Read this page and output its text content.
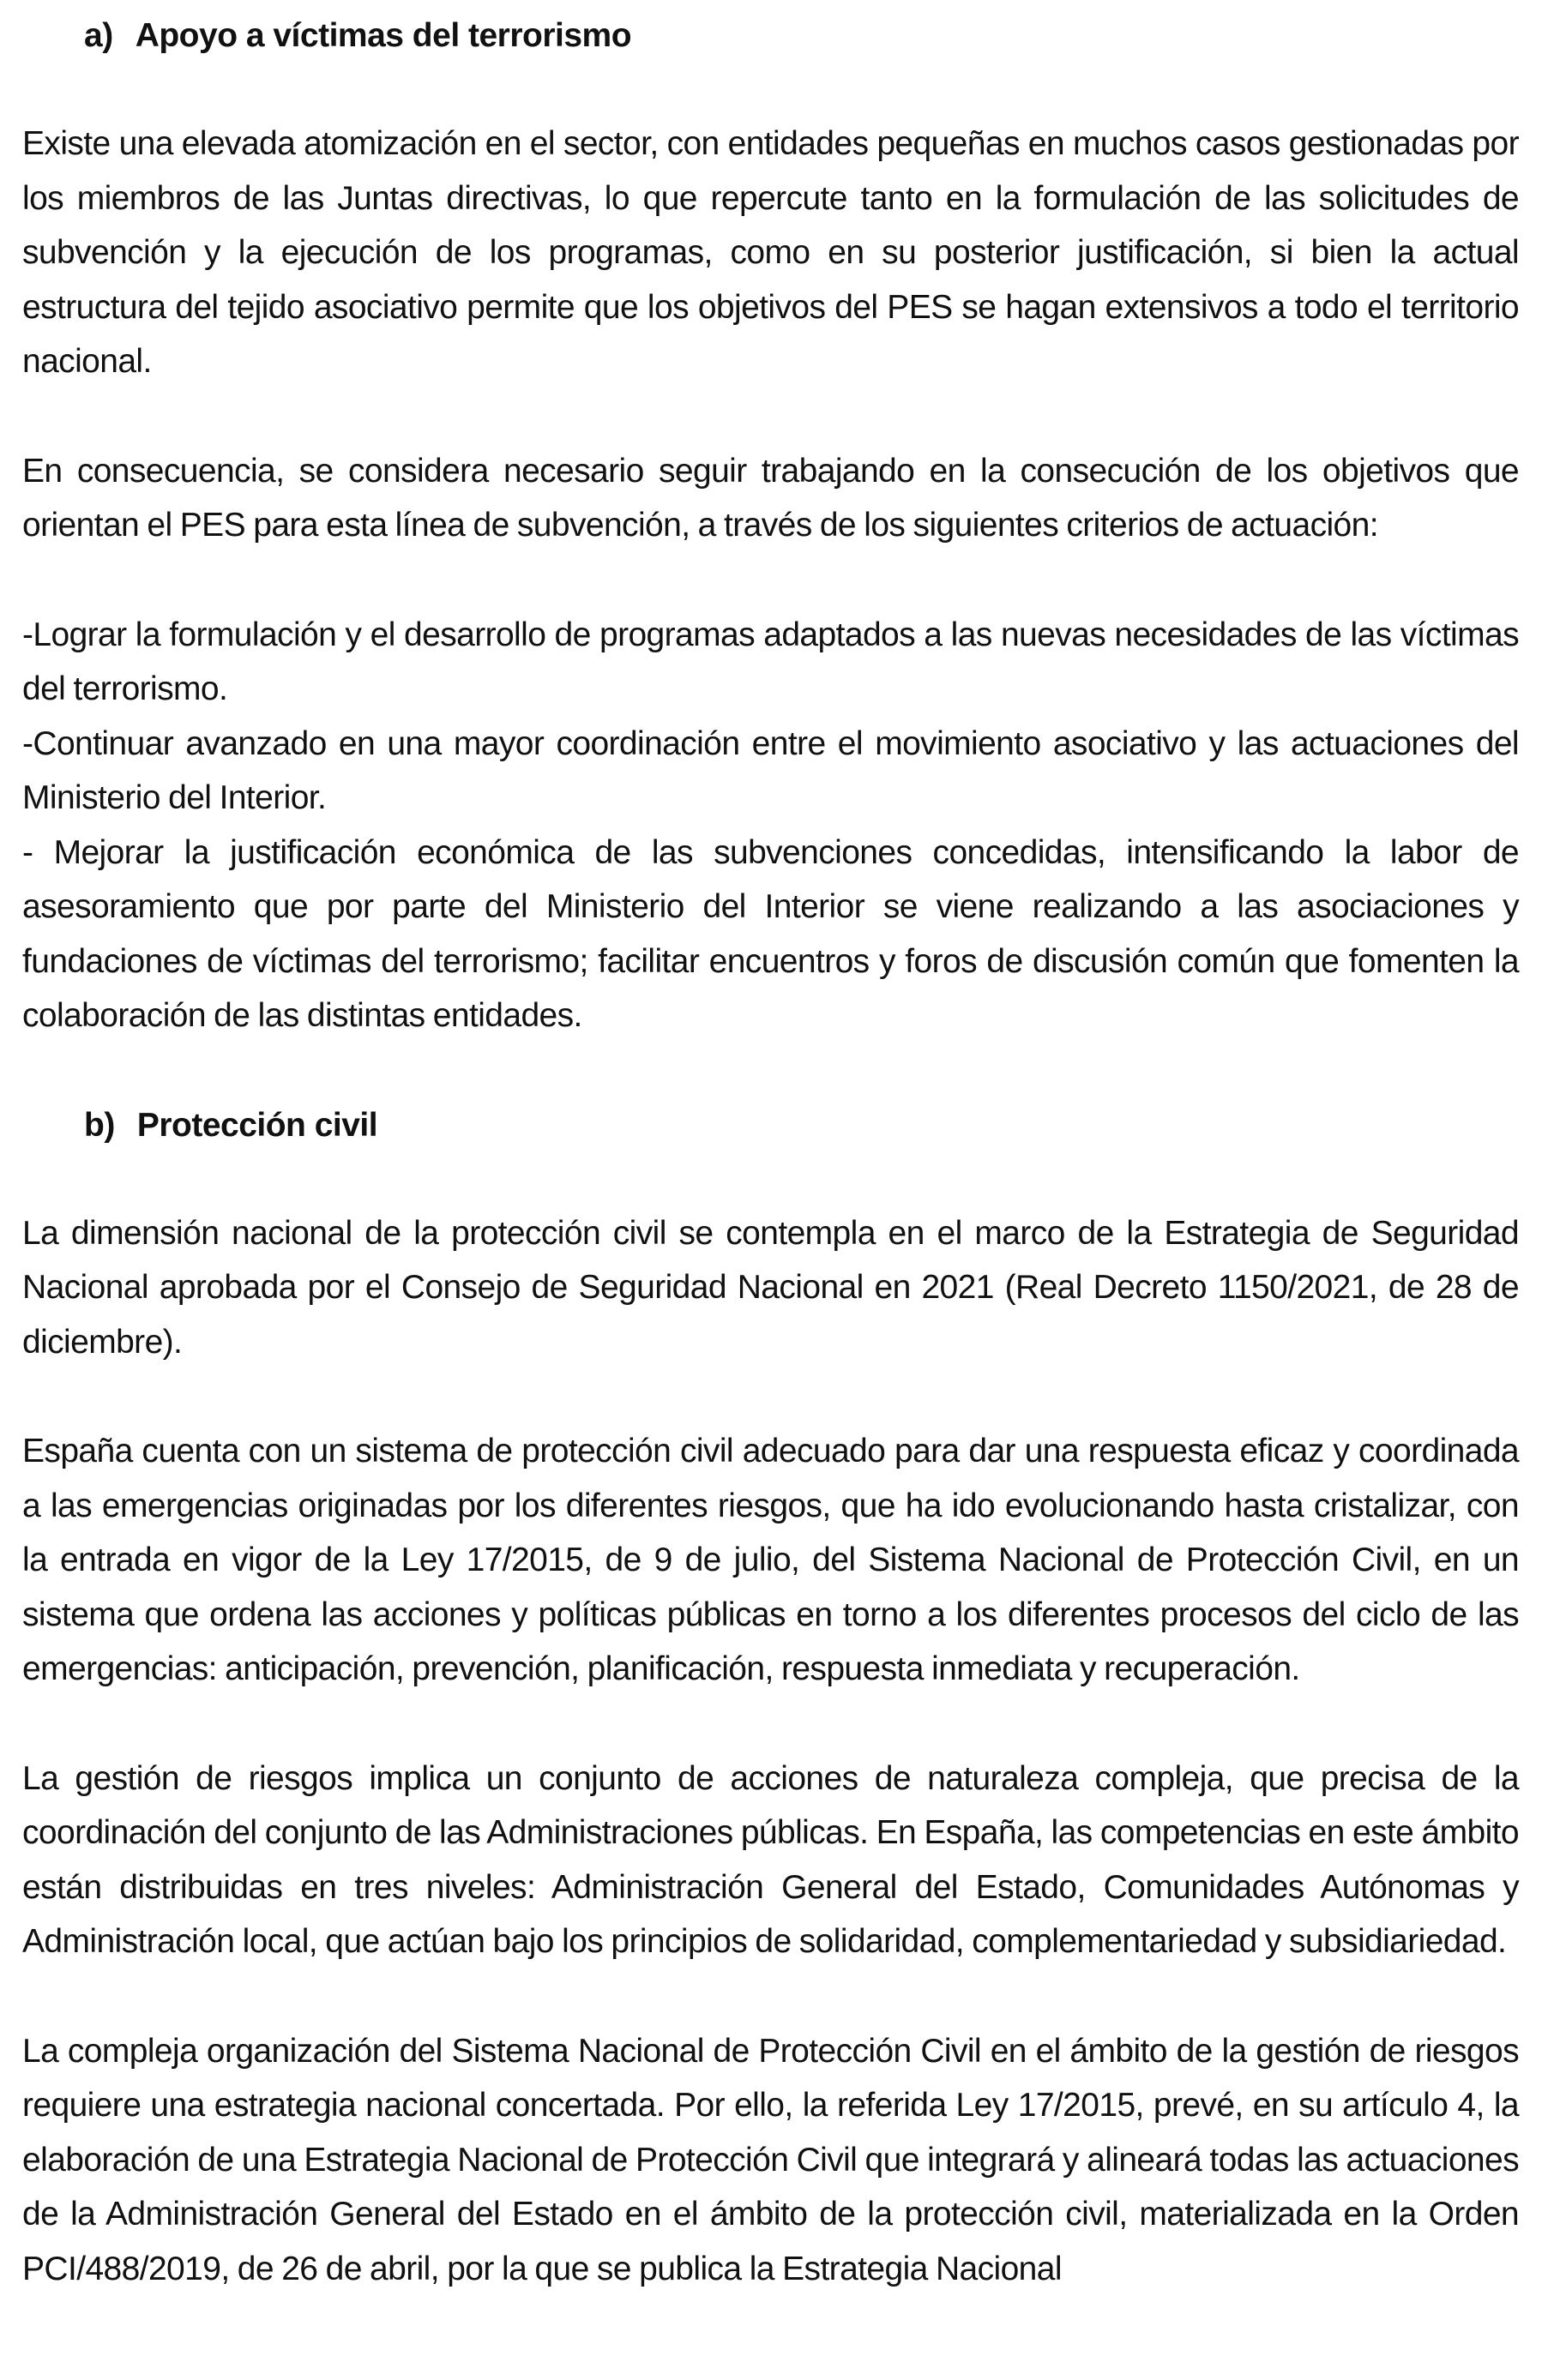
a) Apoyo a víctimas del terrorismo

Existe una elevada atomización en el sector, con entidades pequeñas en muchos casos gestionadas por los miembros de las Juntas directivas, lo que repercute tanto en la formulación de las solicitudes de subvención y la ejecución de los programas, como en su posterior justificación, si bien la actual estructura del tejido asociativo permite que los objetivos del PES se hagan extensivos a todo el territorio nacional.

En consecuencia, se considera necesario seguir trabajando en la consecución de los objetivos que orientan el PES para esta línea de subvención, a través de los siguientes criterios de actuación:

-Lograr la formulación y el desarrollo de programas adaptados a las nuevas necesidades de las víctimas del terrorismo.

-Continuar avanzado en una mayor coordinación entre el movimiento asociativo y las actuaciones del Ministerio del Interior.

- Mejorar la justificación económica de las subvenciones concedidas, intensificando la labor de asesoramiento que por parte del Ministerio del Interior se viene realizando a las asociaciones y fundaciones de víctimas del terrorismo; facilitar encuentros y foros de discusión común que fomenten la colaboración de las distintas entidades.

b) Protección civil

La dimensión nacional de la protección civil se contempla en el marco de la Estrategia de Seguridad Nacional aprobada por el Consejo de Seguridad Nacional en 2021 (Real Decreto 1150/2021, de 28 de diciembre).

España cuenta con un sistema de protección civil adecuado para dar una respuesta eficaz y coordinada a las emergencias originadas por los diferentes riesgos, que ha ido evolucionando hasta cristalizar, con la entrada en vigor de la Ley 17/2015, de 9 de julio, del Sistema Nacional de Protección Civil, en un sistema que ordena las acciones y políticas públicas en torno a los diferentes procesos del ciclo de las emergencias: anticipación, prevención, planificación, respuesta inmediata y recuperación.

La gestión de riesgos implica un conjunto de acciones de naturaleza compleja, que precisa de la coordinación del conjunto de las Administraciones públicas. En España, las competencias en este ámbito están distribuidas en tres niveles: Administración General del Estado, Comunidades Autónomas y Administración local, que actúan bajo los principios de solidaridad, complementariedad y subsidiariedad.

La compleja organización del Sistema Nacional de Protección Civil en el ámbito de la gestión de riesgos requiere una estrategia nacional concertada. Por ello, la referida Ley 17/2015, prevé, en su artículo 4, la elaboración de una Estrategia Nacional de Protección Civil que integrará y alineará todas las actuaciones de la Administración General del Estado en el ámbito de la protección civil, materializada en la Orden PCI/488/2019, de 26 de abril, por la que se publica la Estrategia Nacional
